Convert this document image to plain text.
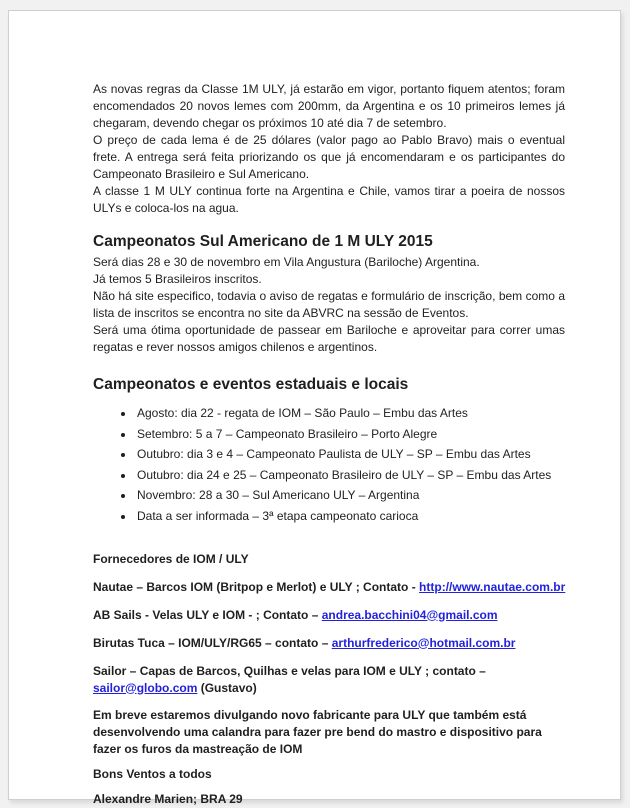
As novas regras da Classe 1M ULY, já estarão em vigor, portanto fiquem atentos; foram encomendados 20 novos lemes com 200mm, da Argentina e os 10 primeiros lemes já chegaram, devendo chegar os próximos 10 até dia 7 de setembro.

O preço de cada lema é de 25 dólares (valor pago ao Pablo Bravo) mais o eventual frete. A entrega será feita priorizando os que já encomendaram e os participantes do Campeonato Brasileiro e Sul Americano.

A classe 1 M ULY continua forte na Argentina e Chile, vamos tirar a poeira de nossos ULYs e coloca-los na agua.

Campeonatos Sul Americano de 1 M ULY 2015

Será dias 28 e 30 de novembro em Vila Angustura (Bariloche) Argentina.

Já temos 5 Brasileiros inscritos.

Não há site especifico, todavia o aviso de regatas e formulário de inscrição, bem como a lista de inscritos se encontra no site da ABVRC na sessão de Eventos.

Será uma ótima oportunidade de passear em Bariloche e aproveitar para correr umas regatas e rever nossos amigos chilenos e argentinos.

Campeonatos e eventos estaduais e locais
• Agosto: dia 22 - regata de IOM – São Paulo – Embu das Artes
• Setembro: 5 a 7 – Campeonato Brasileiro – Porto Alegre
• Outubro: dia 3 e 4 – Campeonato Paulista de ULY – SP – Embu das Artes
• Outubro: dia 24 e 25 – Campeonato Brasileiro de ULY – SP – Embu das Artes
• Novembro: 28 a 30 – Sul Americano ULY – Argentina
• Data a ser informada – 3ª etapa campeonato carioca

Fornecedores de IOM / ULY

Nautae – Barcos IOM (Britpop e Merlot) e ULY ; Contato - http://www.nautae.com.br

AB Sails - Velas ULY e IOM - ; Contato – andrea.bacchini04@gmail.com

Birutas Tuca – IOM/ULY/RG65 – contato – arthurfrederico@hotmail.com.br

Sailor – Capas de Barcos, Quilhas e velas para IOM e ULY ; contato – sailor@globo.com (Gustavo)

Em breve estaremos divulgando novo fabricante para ULY que também está desenvolvendo uma calandra para fazer pre bend do mastro e dispositivo para fazer os furos da mastreação de IOM

Bons Ventos a todos

Alexandre Marien; BRA 29
